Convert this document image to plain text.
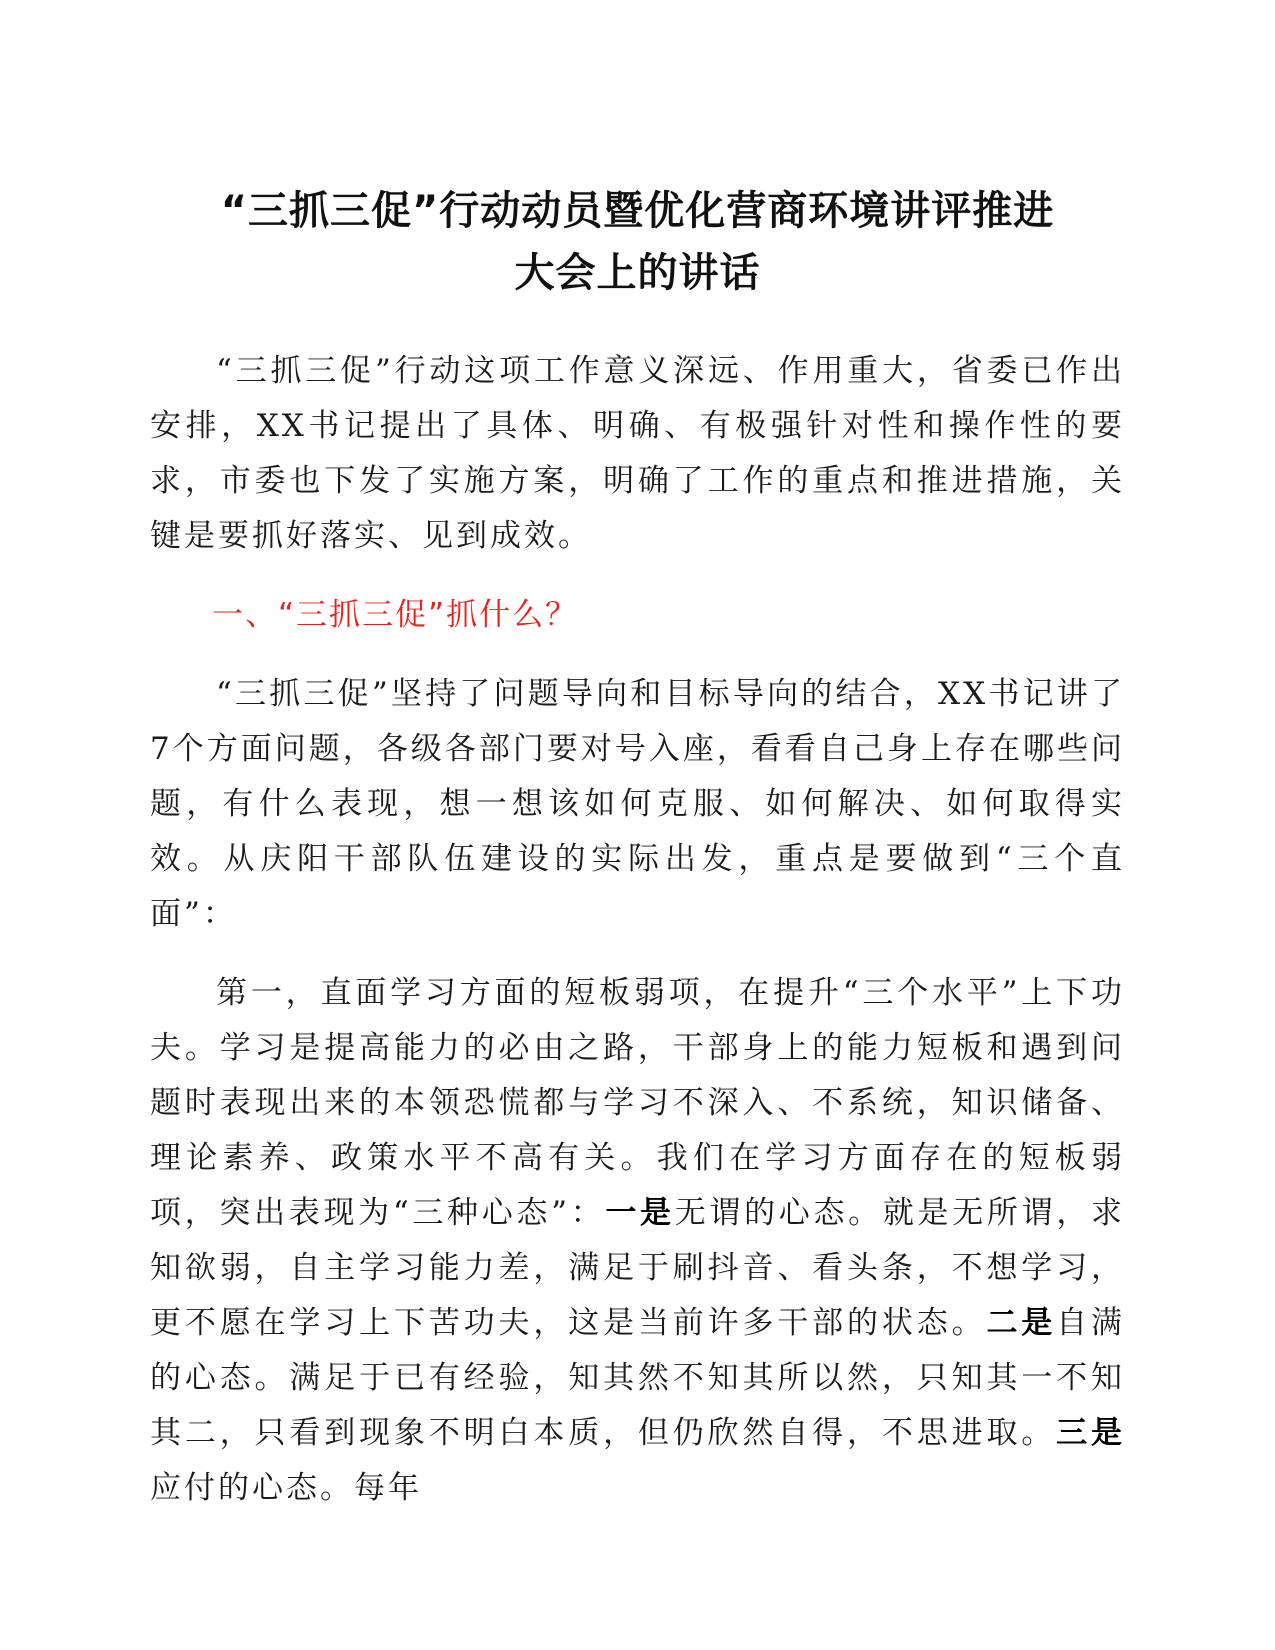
“三抓三促”行动动员暨优化营商环境讲评推进
大会上的讲话

“三抓三促”行动这项工作意义深远、作用重大，省委已作出安排，XX书记提出了具体、明确、有极强针对性和操作性的要求，市委也下发了实施方案，明确了工作的重点和推进措施，关键是要抓好落实、见到成效。

一、“三抓三促”抓什么？

“三抓三促”坚持了问题导向和目标导向的结合，XX书记讲了7个方面问题，各级各部门要对号入座，看看自己身上存在哪些问题，有什么表现，想一想该如何克服、如何解决、如何取得实效。从庆阳干部队伍建设的实际出发，重点是要做到“三个直面”：

第一，直面学习方面的短板弱项，在提升“三个水平”上下功夫。学习是提高能力的必由之路，干部身上的能力短板和遇到问题时表现出来的本领恐慌都与学习不深入、不系统，知识储备、理论素养、政策水平不高有关。我们在学习方面存在的短板弱项，突出表现为“三种心态”：一是无谓的心态。就是无所谓，求知欲弱，自主学习能力差，满足于刷抖音、看头条，不想学习，更不愿在学习上下苦功夫，这是当前许多干部的状态。二是自满的心态。满足于已有经验，知其然不知其所以然，只知其一不知其二，只看到现象不明白本质，但仍欣然自得，不思进取。三是应付的心态。每年
